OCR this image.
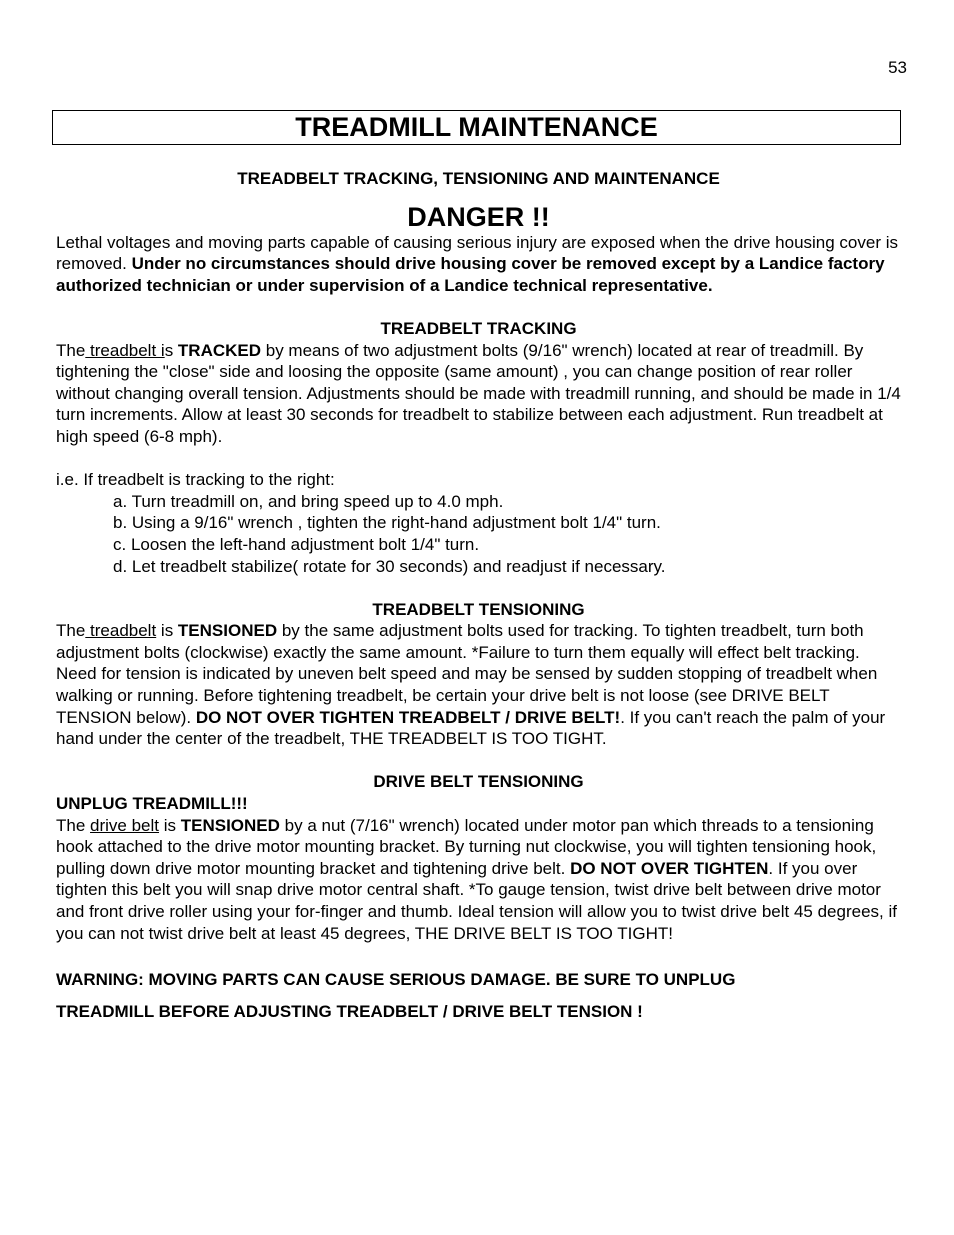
53
TREADMILL MAINTENANCE

TREADBELT TRACKING, TENSIONING AND MAINTENANCE

DANGER !!

Lethal voltages and moving parts capable of causing serious injury are exposed when the drive housing cover is removed. Under no circumstances should drive housing cover be removed except by a Landice factory authorized technician or under supervision of a Landice technical representative.

TREADBELT TRACKING

The treadbelt is TRACKED by means of two adjustment bolts (9/16" wrench) located at rear of treadmill. By tightening the "close" side and loosing the opposite (same amount) , you can change position of rear roller without changing overall tension. Adjustments should be made with treadmill running, and should be made in 1/4 turn increments. Allow at least 30 seconds for treadbelt to stabilize between each adjustment. Run treadbelt at high speed (6-8 mph).

i.e. If treadbelt is tracking to the right:

a. Turn treadmill on, and bring speed up to 4.0 mph.
b. Using a 9/16" wrench , tighten the right-hand adjustment bolt 1/4" turn.
c. Loosen the left-hand adjustment bolt 1/4" turn.
d. Let treadbelt stabilize( rotate for 30 seconds) and readjust if necessary.

TREADBELT TENSIONING

The treadbelt is TENSIONED by the same adjustment bolts used for tracking. To tighten treadbelt, turn both adjustment bolts (clockwise) exactly the same amount. *Failure to turn them equally will effect belt tracking.

Need for tension is indicated by uneven belt speed and may be sensed by sudden stopping of treadbelt when walking or running. Before tightening treadbelt, be certain your drive belt is not loose (see DRIVE BELT TENSION below). DO NOT OVER TIGHTEN TREADBELT / DRIVE BELT!. If you can't reach the palm of your hand under the center of the treadbelt, THE TREADBELT IS TOO TIGHT.

DRIVE BELT TENSIONING

UNPLUG TREADMILL!!!

The drive belt is TENSIONED by a nut (7/16" wrench) located under motor pan which threads to a tensioning hook attached to the drive motor mounting bracket. By turning nut clockwise, you will tighten tensioning hook, pulling down drive motor mounting bracket and tightening drive belt. DO NOT OVER TIGHTEN. If you over tighten this belt you will snap drive motor central shaft. *To gauge tension, twist drive belt between drive motor and front drive roller using your for-finger and thumb. Ideal tension will allow you to twist drive belt 45 degrees, if you can not twist drive belt at least 45 degrees, THE DRIVE BELT IS TOO TIGHT!

WARNING: MOVING PARTS CAN CAUSE SERIOUS DAMAGE. BE SURE TO UNPLUG

TREADMILL BEFORE ADJUSTING TREADBELT / DRIVE BELT TENSION !
